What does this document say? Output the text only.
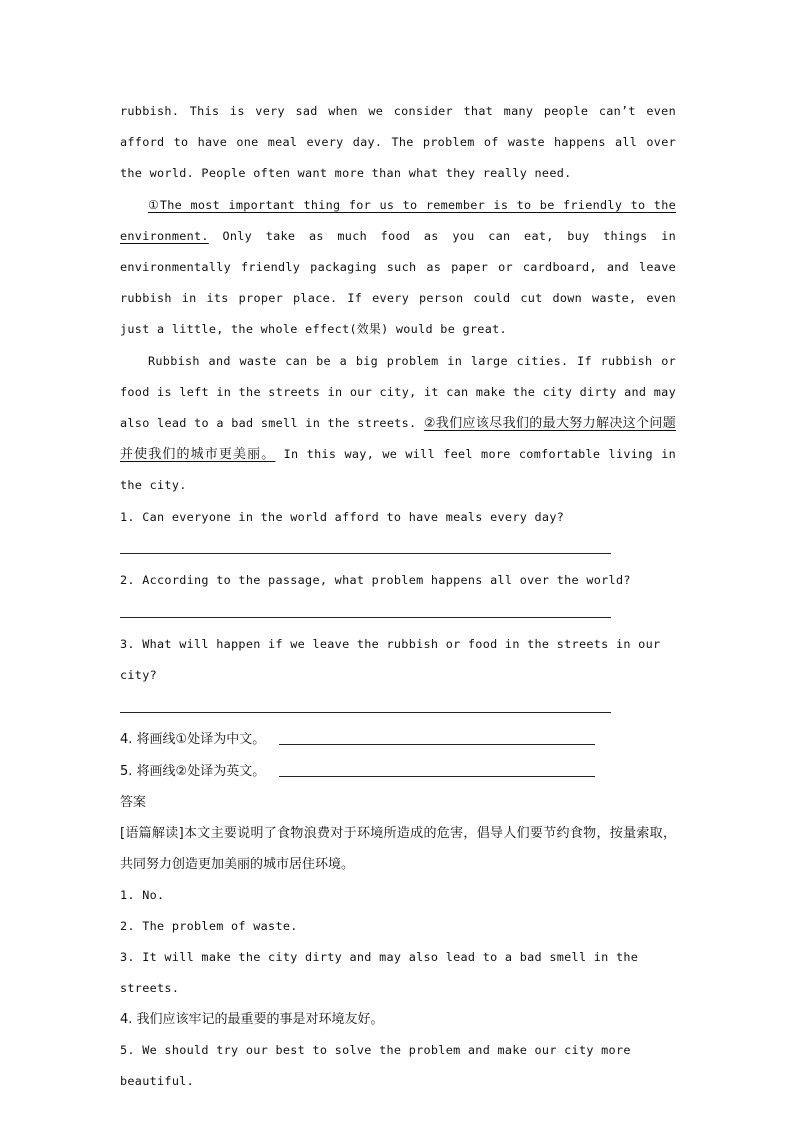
rubbish. This is very sad when we consider that many people can’t even afford to have one meal every day. The problem of waste happens all over the world. People often want more than what they really need.

①The most important thing for us to remember is to be friendly to the environment. Only take as much food as you can eat, buy things in environmentally friendly packaging such as paper or cardboard, and leave rubbish in its proper place. If every person could cut down waste, even just a little, the whole effect(效果) would be great.

Rubbish and waste can be a big problem in large cities. If rubbish or food is left in the streets in our city, it can make the city dirty and may also lead to a bad smell in the streets. ②我们应该尽我们的最大努力解决这个问题并使我们的城市更美丽。 In this way, we will feel more comfortable living in the city.

1. Can everyone in the world afford to have meals every day?

2. According to the passage, what problem happens all over the world?

3. What will happen if we leave the rubbish or food in the streets in our city?

4. 将画线①处译为中文。

5. 将画线②处译为英文。

答案

[语篇解读]本文主要说明了食物浪费对于环境所造成的危害，倡导人们要节约食物，按量索取，共同努力创造更加美丽的城市居住环境。

1. No.

2. The problem of waste.

3. It will make the city dirty and may also lead to a bad smell in the streets.

4. 我们应该牢记的最重要的事是对环境友好。

5. We should try our best to solve the problem and make our city more beautiful.
